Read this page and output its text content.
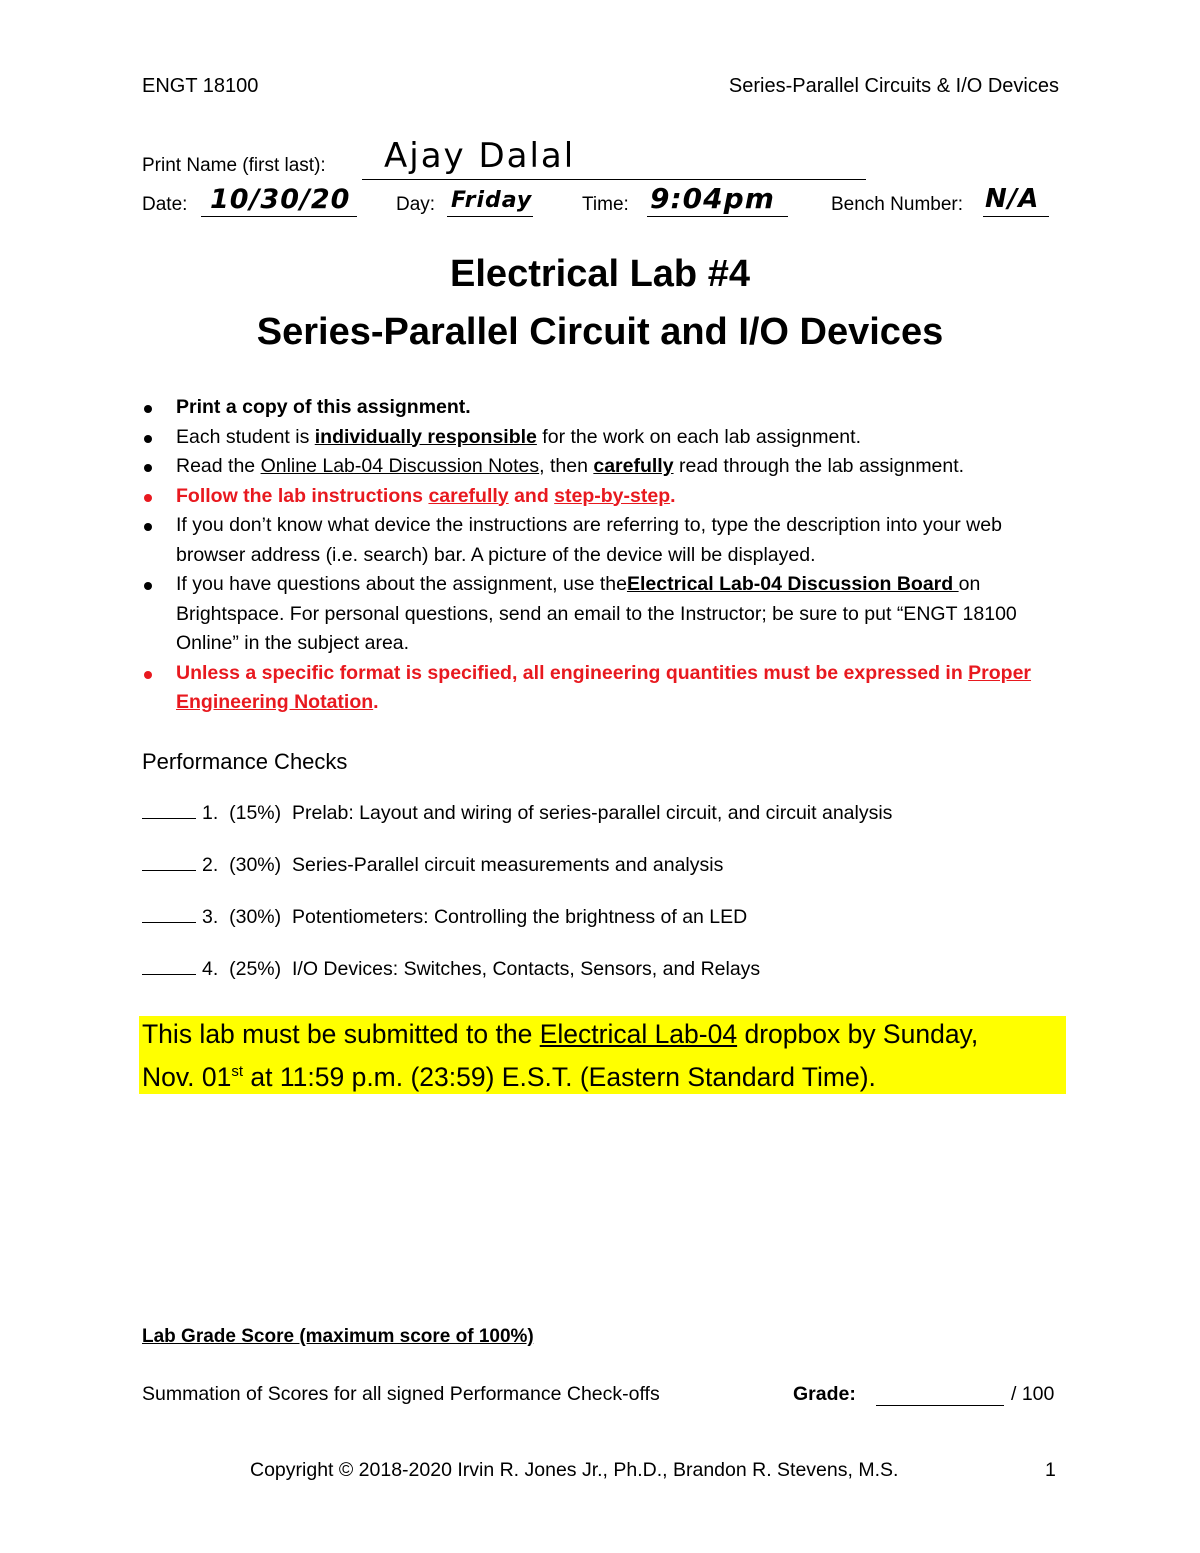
ENGT 18100	Series-Parallel Circuits & I/O Devices
Print Name (first last): Ajay Dalal
Date: 10/30/20 Day: Friday	Time: 9:04pm	Bench Number: N/A
Electrical Lab #4
Series-Parallel Circuit and I/O Devices
Print a copy of this assignment.
Each student is individually responsible for the work on each lab assignment.
Read the Online Lab-04 Discussion Notes, then carefully read through the lab assignment.
Follow the lab instructions carefully and step-by-step.
If you don’t know what device the instructions are referring to, type the description into your web browser address (i.e. search) bar. A picture of the device will be displayed.
If you have questions about the assignment, use theElectrical Lab-04 Discussion Board on Brightspace. For personal questions, send an email to the Instructor; be sure to put “ENGT 18100 Online” in the subject area.
Unless a specific format is specified, all engineering quantities must be expressed in Proper Engineering Notation.
Performance Checks
1. (15%) Prelab: Layout and wiring of series-parallel circuit, and circuit analysis
2. (30%) Series-Parallel circuit measurements and analysis
3. (30%) Potentiometers: Controlling the brightness of an LED
4. (25%) I/O Devices: Switches, Contacts, Sensors, and Relays
This lab must be submitted to the Electrical Lab-04 dropbox by Sunday,
Nov. 01st at 11:59 p.m. (23:59) E.S.T. (Eastern Standard Time).
Lab Grade Score (maximum score of 100%)
Summation of Scores for all signed Performance Check-offs	Grade:	/ 100
Copyright © 2018-2020 Irvin R. Jones Jr., Ph.D., Brandon R. Stevens, M.S.	1
